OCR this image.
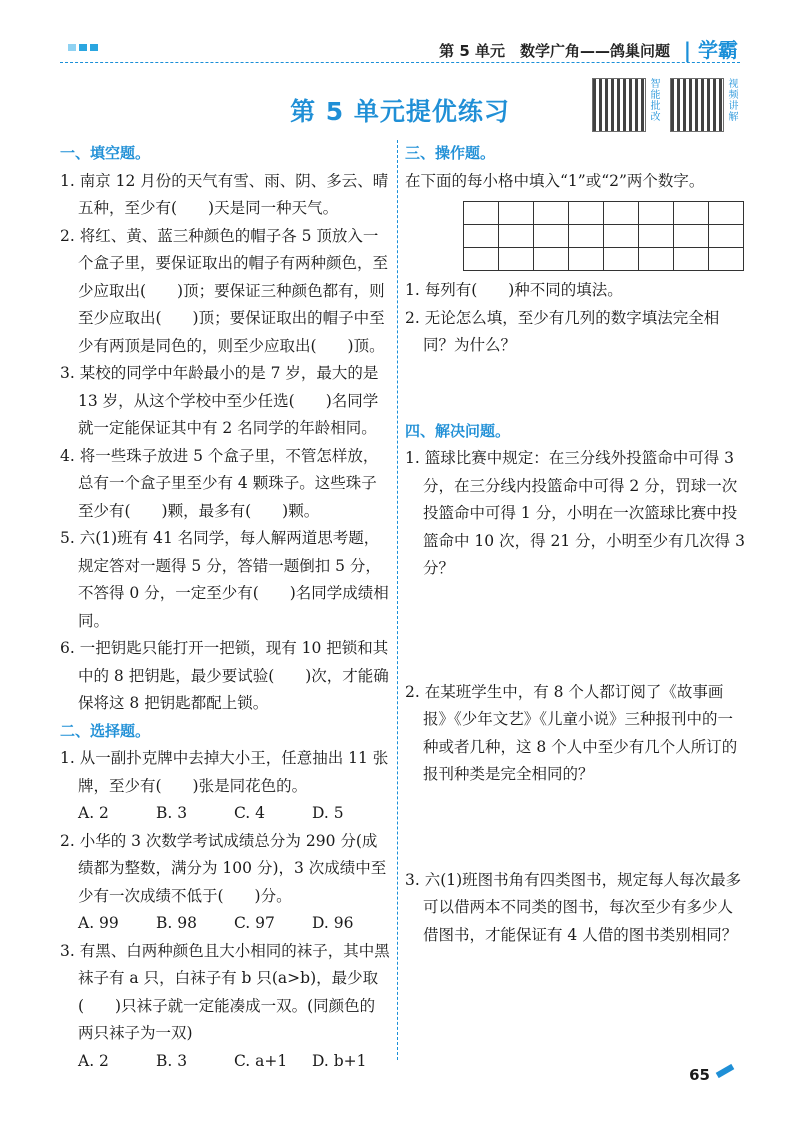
第 5 单元　数学广角——鸽巢问题 | 学霸
第 5 单元提优练习	智能批改	视频讲解
一、填空题。
1. 南京 12 月份的天气有雪、雨、阴、多云、晴五种，至少有(　　)天是同一种天气。
2. 将红、黄、蓝三种颜色的帽子各 5 顶放入一个盒子里，要保证取出的帽子有两种颜色，至少应取出(　　)顶；要保证三种颜色都有，则至少应取出(　　)顶；要保证取出的帽子中至少有两顶是同色的，则至少应取出(　　)顶。
3. 某校的同学中年龄最小的是 7 岁，最大的是 13 岁，从这个学校中至少任选(　　)名同学就一定能保证其中有 2 名同学的年龄相同。
4. 将一些珠子放进 5 个盒子里，不管怎样放，总有一个盒子里至少有 4 颗珠子。这些珠子至少有(　　)颗，最多有(　　)颗。
5. 六(1)班有 41 名同学，每人解两道思考题，规定答对一题得 5 分，答错一题倒扣 5 分，不答得 0 分，一定至少有(　　)名同学成绩相同。
6. 一把钥匙只能打开一把锁，现有 10 把锁和其中的 8 把钥匙，最少要试验(　　)次，才能确保将这 8 把钥匙都配上锁。
二、选择题。
1. 从一副扑克牌中去掉大小王，任意抽出 11 张牌，至少有(　　)张是同花色的。
A. 2	B. 3	C. 4	D. 5
2. 小华的 3 次数学考试成绩总分为 290 分(成绩都为整数，满分为 100 分)，3 次成绩中至少有一次成绩不低于(　　)分。
A. 99	B. 98	C. 97	D. 96
3. 有黑、白两种颜色且大小相同的袜子，其中黑袜子有 a 只，白袜子有 b 只(a>b)，最少取(　　)只袜子就一定能凑成一双。(同颜色的两只袜子为一双)
A. 2	B. 3	C. a+1	D. b+1
三、操作题。
在下面的每小格中填入“1”或“2”两个数字。

1. 每列有(　　)种不同的填法。
2. 无论怎么填，至少有几列的数字填法完全相同？为什么？
四、解决问题。
1. 篮球比赛中规定：在三分线外投篮命中可得 3 分，在三分线内投篮命中可得 2 分，罚球一次投篮命中可得 1 分，小明在一次篮球比赛中投篮命中 10 次，得 21 分，小明至少有几次得 3 分？
2. 在某班学生中，有 8 个人都订阅了《故事画报》《少年文艺》《儿童小说》三种报刊中的一种或者几种，这 8 个人中至少有几个人所订的报刊种类是完全相同的？
3. 六(1)班图书角有四类图书，规定每人每次最多可以借两本不同类的图书，每次至少有多少人借图书，才能保证有 4 人借的图书类别相同？
65
